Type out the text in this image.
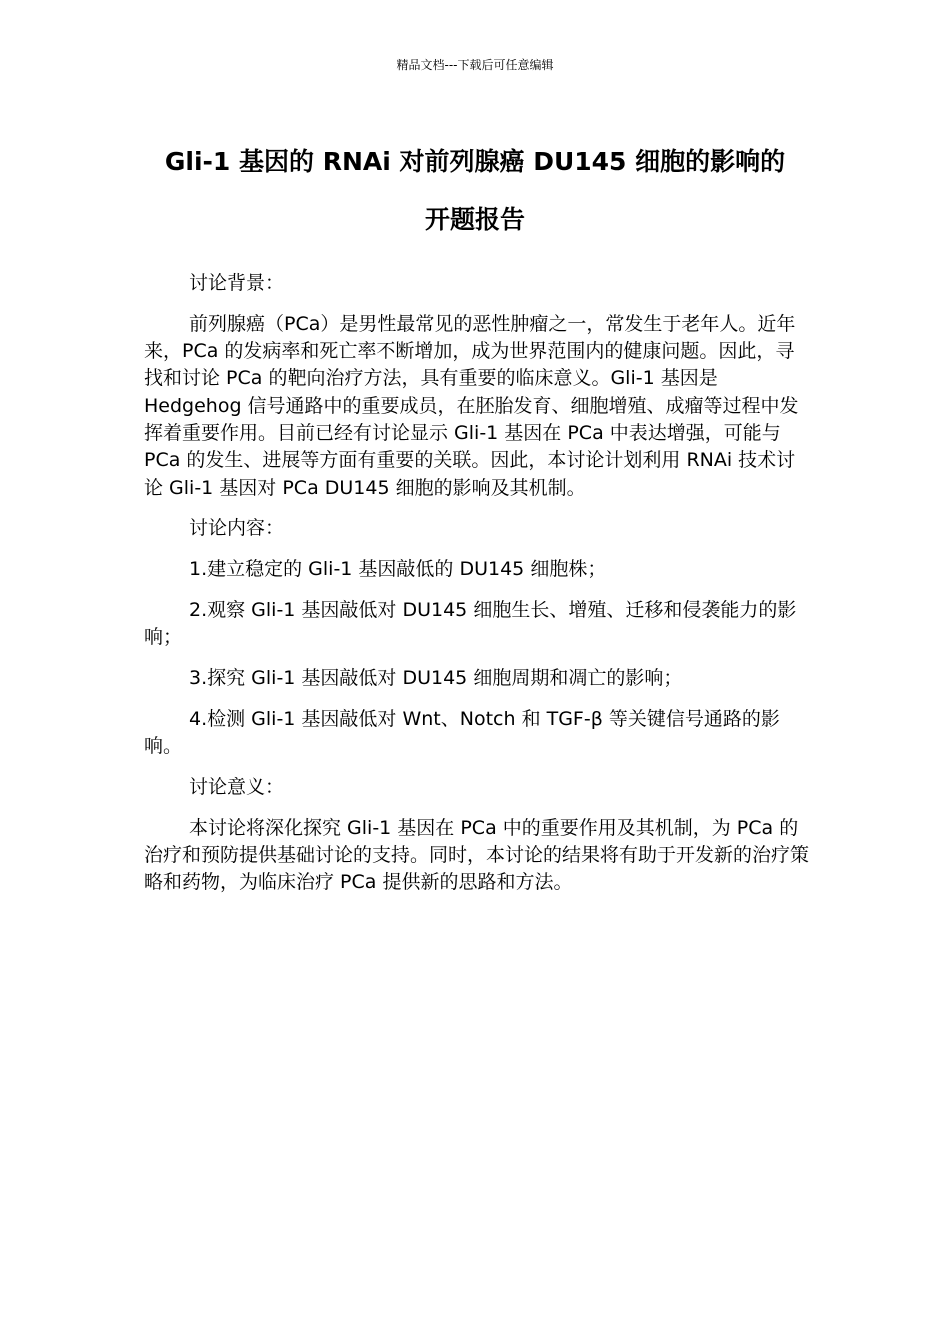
精品文档---下载后可任意编辑
Gli-1 基因的 RNAi 对前列腺癌 DU145 细胞的影响的
开题报告

讨论背景：

前列腺癌（PCa）是男性最常见的恶性肿瘤之一，常发生于老年人。近年来，PCa 的发病率和死亡率不断增加，成为世界范围内的健康问题。因此，寻找和讨论 PCa 的靶向治疗方法，具有重要的临床意义。Gli-1 基因是 Hedgehog 信号通路中的重要成员，在胚胎发育、细胞增殖、成瘤等过程中发挥着重要作用。目前已经有讨论显示 Gli-1 基因在 PCa 中表达增强，可能与 PCa 的发生、进展等方面有重要的关联。因此，本讨论计划利用 RNAi 技术讨论 Gli-1 基因对 PCa DU145 细胞的影响及其机制。

讨论内容：

1.建立稳定的 Gli-1 基因敲低的 DU145 细胞株；

2.观察 Gli-1 基因敲低对 DU145 细胞生长、增殖、迁移和侵袭能力的影响；

3.探究 Gli-1 基因敲低对 DU145 细胞周期和凋亡的影响；

4.检测 Gli-1 基因敲低对 Wnt、Notch 和 TGF-β 等关键信号通路的影响。

讨论意义：

本讨论将深化探究 Gli-1 基因在 PCa 中的重要作用及其机制，为 PCa 的治疗和预防提供基础讨论的支持。同时，本讨论的结果将有助于开发新的治疗策略和药物，为临床治疗 PCa 提供新的思路和方法。
